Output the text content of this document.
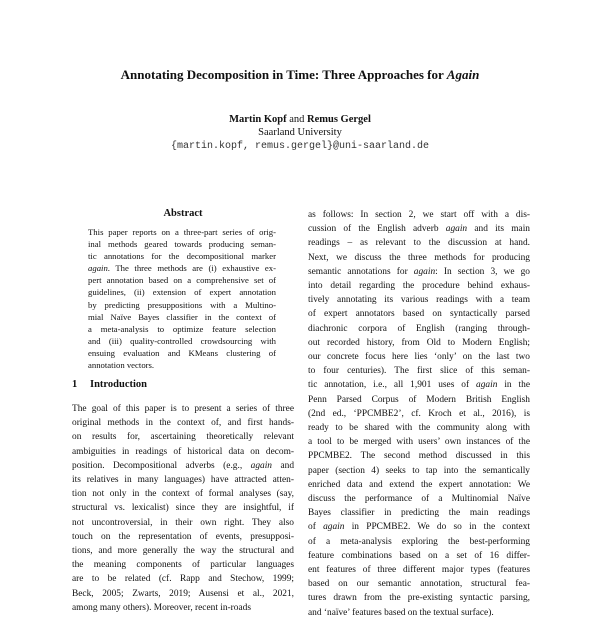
Annotating Decomposition in Time: Three Approaches for Again
Martin Kopf and Remus Gergel
Saarland University
{martin.kopf, remus.gergel}@uni-saarland.de
Abstract
This paper reports on a three-part series of orig-
inal methods geared towards producing seman-
tic annotations for the decompositional marker
again. The three methods are (i) exhaustive ex-
pert annotation based on a comprehensive set of
guidelines, (ii) extension of expert annotation
by predicting presuppositions with a Multino-
mial Naïve Bayes classifier in the context of
a meta-analysis to optimize feature selection
and (iii) quality-controlled crowdsourcing with
ensuing evaluation and KMeans clustering of
annotation vectors.
1 Introduction
The goal of this paper is to present a series of three
original methods in the context of, and first hands-
on results for, ascertaining theoretically relevant
ambiguities in readings of historical data on decom-
position. Decompositional adverbs (e.g., again and
its relatives in many languages) have attracted atten-
tion not only in the context of formal analyses (say,
structural vs. lexicalist) since they are insightful, if
not uncontroversial, in their own right. They also
touch on the representation of events, presupposi-
tions, and more generally the way the structural and
the meaning components of particular languages
are to be related (cf. Rapp and Stechow, 1999;
Beck, 2005; Zwarts, 2019; Ausensi et al., 2021,
among many others). Moreover, recent in-roads
as follows: In section 2, we start off with a dis-
cussion of the English adverb again and its main
readings – as relevant to the discussion at hand.
Next, we discuss the three methods for producing
semantic annotations for again: In section 3, we go
into detail regarding the procedure behind exhaus-
tively annotating its various readings with a team
of expert annotators based on syntactically parsed
diachronic corpora of English (ranging through-
out recorded history, from Old to Modern English;
our concrete focus here lies ‘only’ on the last two
to four centuries). The first slice of this seman-
tic annotation, i.e., all 1,901 uses of again in the
Penn Parsed Corpus of Modern British English
(2nd ed., ‘PPCMBE2’, cf. Kroch et al., 2016), is
ready to be shared with the community along with
a tool to be merged with users’ own instances of the
PPCMBE2. The second method discussed in this
paper (section 4) seeks to tap into the semantically
enriched data and extend the expert annotation: We
discuss the performance of a Multinomial Naïve
Bayes classifier in predicting the main readings
of again in PPCMBE2. We do so in the context
of a meta-analysis exploring the best-performing
feature combinations based on a set of 16 differ-
ent features of three different major types (features
based on our semantic annotation, structural fea-
tures drawn from the pre-existing syntactic parsing,
and ‘naïve’ features based on the textual surface).
